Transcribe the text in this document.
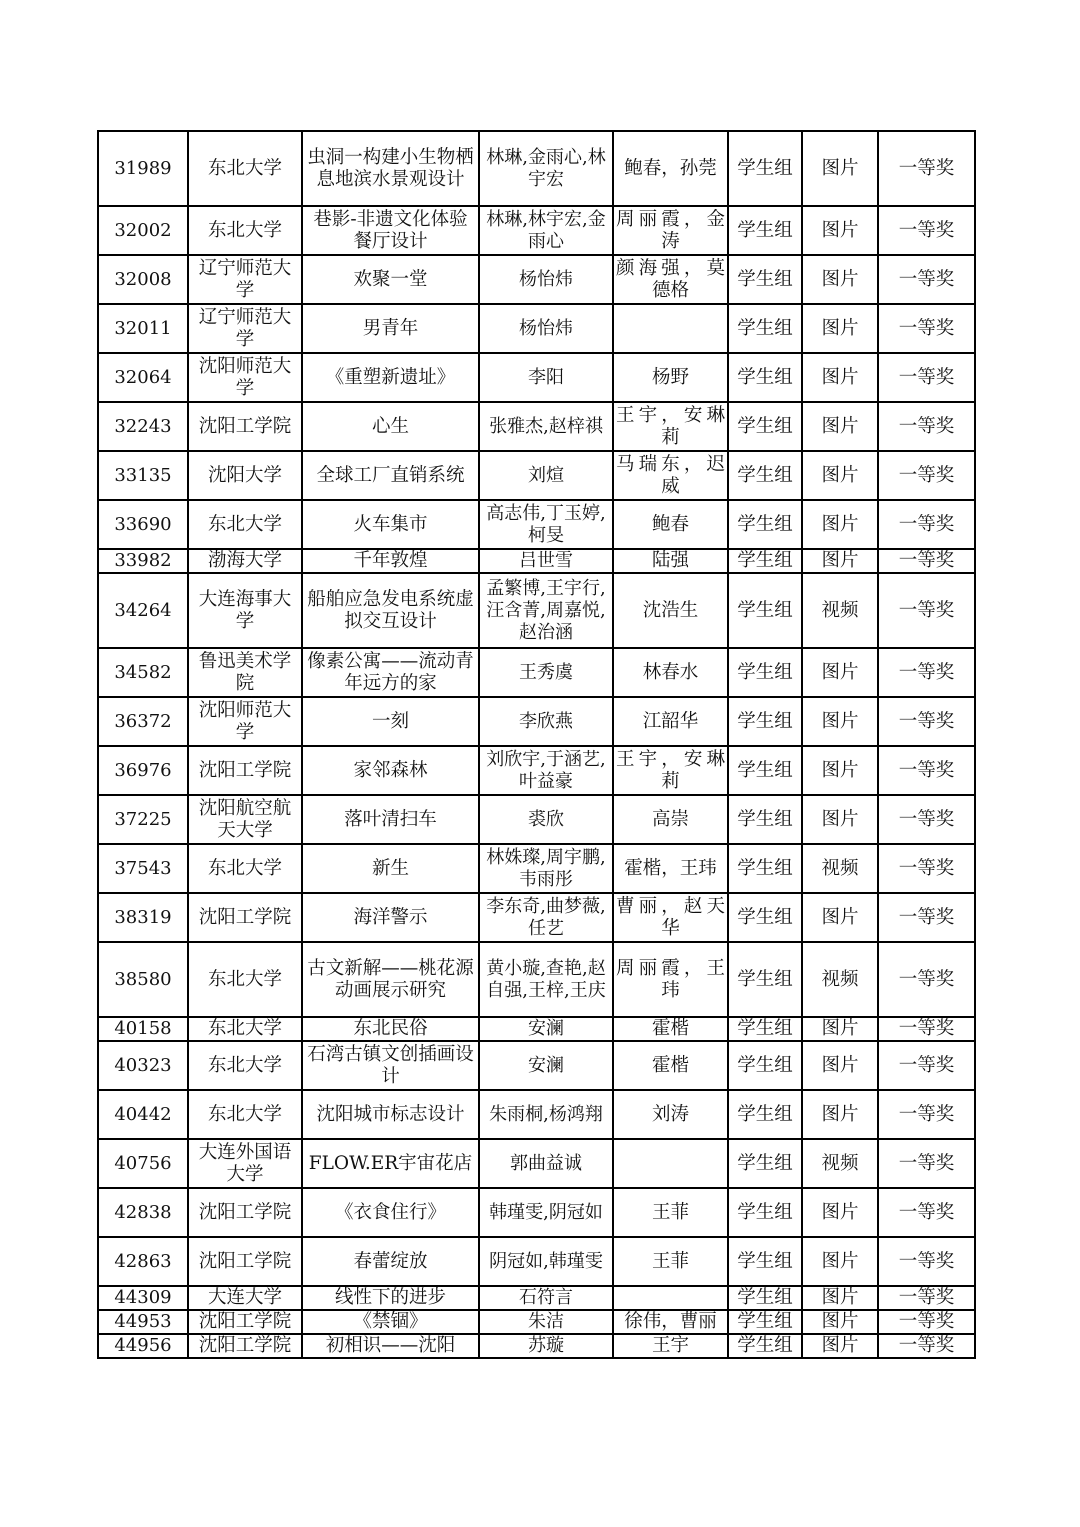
31989	东北大学	虫洞一构建小生物栖息地滨水景观设计	林琳,金雨心,林宇宏	鲍春，孙莞	学生组	图片	一等奖
32002	东北大学	巷影-非遗文化体验餐厅设计	林琳,林宇宏,金雨心	周丽霞，金涛	学生组	图片	一等奖
32008	辽宁师范大学	欢聚一堂	杨怡炜	颜海强，莫德格	学生组	图片	一等奖
32011	辽宁师范大学	男青年	杨怡炜		学生组	图片	一等奖
32064	沈阳师范大学	《重塑新遗址》	李阳	杨野	学生组	图片	一等奖
32243	沈阳工学院	心生	张雅杰,赵梓祺	王宇，安琳莉	学生组	图片	一等奖
33135	沈阳大学	全球工厂直销系统	刘煊	马瑞东，迟威	学生组	图片	一等奖
33690	东北大学	火车集市	高志伟,丁玉婷,柯旻	鲍春	学生组	图片	一等奖
33982	渤海大学	千年敦煌	吕世雪	陆强	学生组	图片	一等奖
34264	大连海事大学	船舶应急发电系统虚拟交互设计	孟繁博,王宇行,汪含菁,周嘉悦,赵治涵	沈浩生	学生组	视频	一等奖
34582	鲁迅美术学院	像素公寓——流动青年远方的家	王秀虞	林春水	学生组	图片	一等奖
36372	沈阳师范大学	一刻	李欣燕	江韶华	学生组	图片	一等奖
36976	沈阳工学院	家邻森林	刘欣宇,于涵艺,叶益豪	王宇，安琳莉	学生组	图片	一等奖
37225	沈阳航空航天大学	落叶清扫车	裘欣	高崇	学生组	图片	一等奖
37543	东北大学	新生	林姝璨,周宇鹏,韦雨彤	霍楷，王玮	学生组	视频	一等奖
38319	沈阳工学院	海洋警示	李东奇,曲梦薇,任艺	曹丽，赵天华	学生组	图片	一等奖
38580	东北大学	古文新解——桃花源动画展示研究	黄小璇,查艳,赵自强,王梓,王庆	周丽霞，王玮	学生组	视频	一等奖
40158	东北大学	东北民俗	安澜	霍楷	学生组	图片	一等奖
40323	东北大学	石湾古镇文创插画设计	安澜	霍楷	学生组	图片	一等奖
40442	东北大学	沈阳城市标志设计	朱雨桐,杨鸿翔	刘涛	学生组	图片	一等奖
40756	大连外国语大学	FLOW.ER宇宙花店	郭曲益诚		学生组	视频	一等奖
42838	沈阳工学院	《衣食住行》	韩瑾雯,阴冠如	王菲	学生组	图片	一等奖
42863	沈阳工学院	春蕾绽放	阴冠如,韩瑾雯	王菲	学生组	图片	一等奖
44309	大连大学	线性下的进步	石符言		学生组	图片	一等奖
44953	沈阳工学院	《禁锢》	朱洁	徐伟，曹丽	学生组	图片	一等奖
44956	沈阳工学院	初相识——沈阳	苏璇	王宇	学生组	图片	一等奖
